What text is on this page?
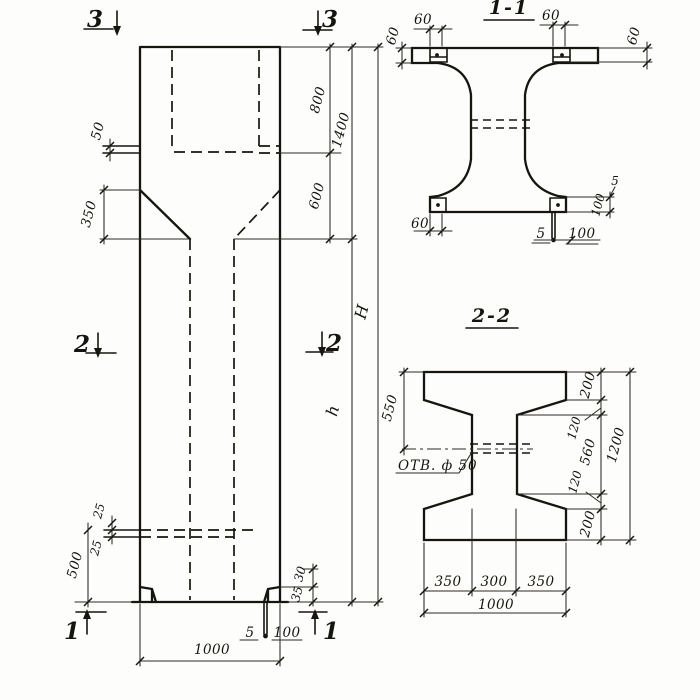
3	3
2	2
1	1
50
350
25
25
500
800
1400
600
H
h
30
35
5 100
1000
1-1
60	60
60	60
60
5 100
5
100
2-2
550
ОТВ. ф 50
200
120
560
120
200
1200
350 300 350
1000
